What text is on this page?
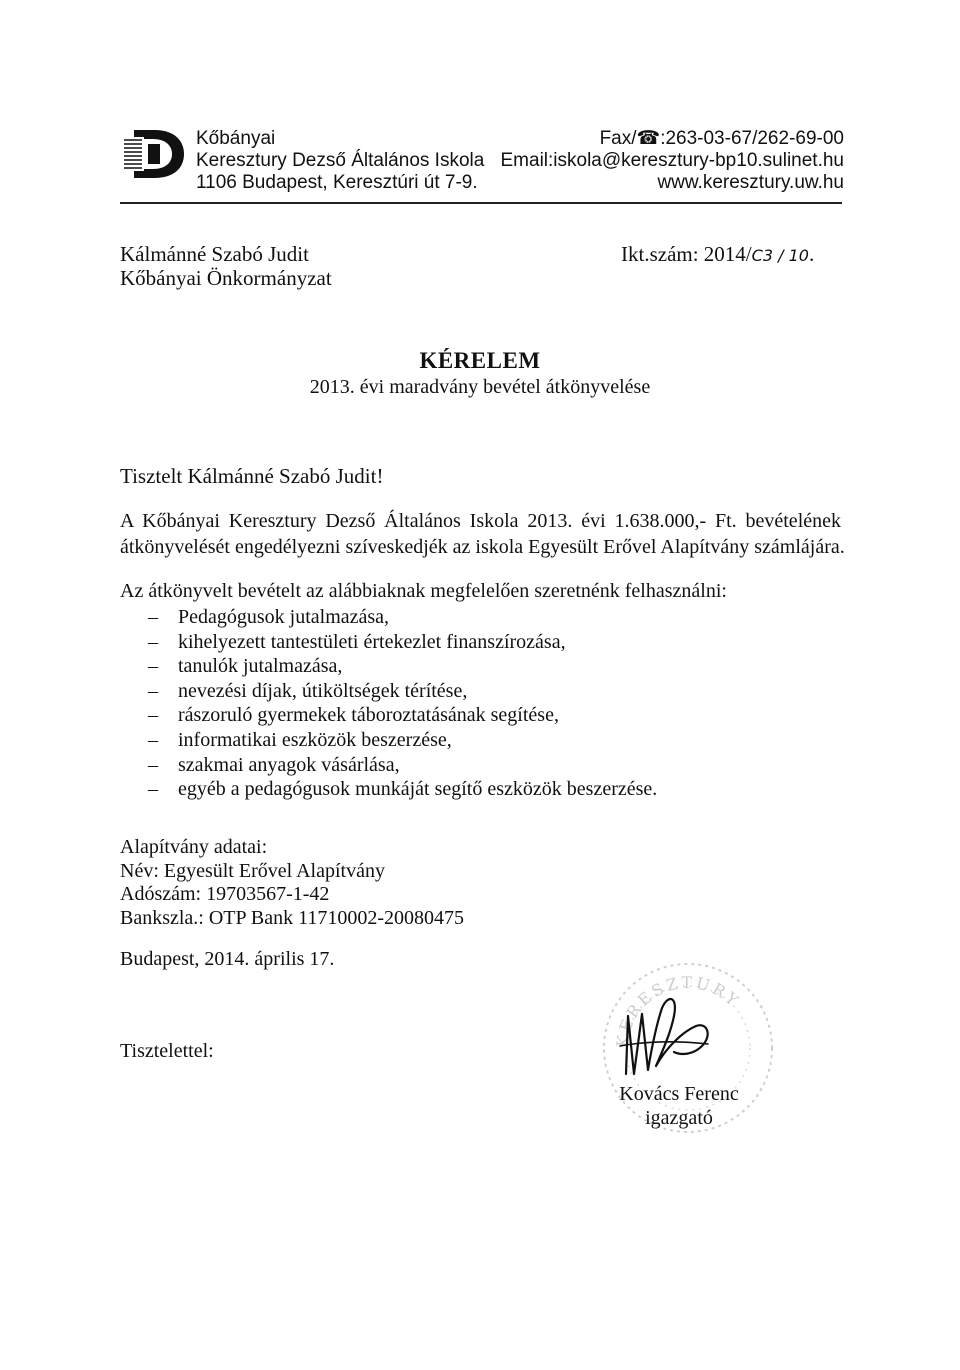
Kőbányai
Keresztury Dezső Általános Iskola
1106 Budapest, Keresztúri út 7-9.
Fax/☎:263-03-67/262-69-00
Email:iskola@keresztury-bp10.sulinet.hu
www.keresztury.uw.hu
Kálmánné Szabó Judit
Kőbányai Önkormányzat
Ikt.szám: 2014/C3 / 10.
KÉRELEM
2013. évi maradvány bevétel átkönyvelése
Tisztelt Kálmánné Szabó Judit!
A Kőbányai Keresztury Dezső Általános Iskola 2013. évi 1.638.000,- Ft. bevételének
átkönyvelését engedélyezni szíveskedjék az iskola Egyesült Erővel Alapítvány számlájára.
Az átkönyvelt bevételt az alábbiaknak megfelelően szeretnénk felhasználni:
– Pedagógusok jutalmazása,
– kihelyezett tantestületi értekezlet finanszírozása,
– tanulók jutalmazása,
– nevezési díjak, útiköltségek térítése,
– rászoruló gyermekek táboroztatásának segítése,
– informatikai eszközök beszerzése,
– szakmai anyagok vásárlása,
– egyéb a pedagógusok munkáját segítő eszközök beszerzése.
Alapítvány adatai:
Név: Egyesült Erővel Alapítvány
Adószám: 19703567-1-42
Bankszla.: OTP Bank 11710002-20080475
Budapest, 2014. április 17.
Tisztelettel:
KERESZTURY
Kovács Ferenc
igazgató
